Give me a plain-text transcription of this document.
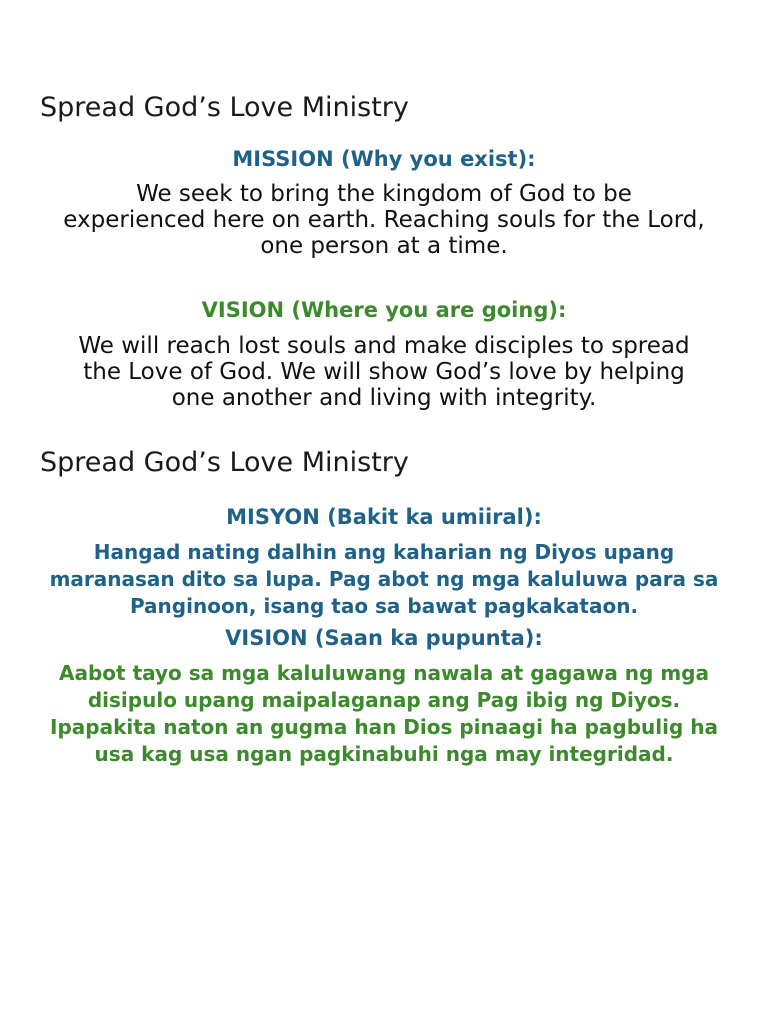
Spread God’s Love Ministry
MISSION (Why you exist):

We seek to bring the kingdom of God to be
experienced here on earth. Reaching souls for the Lord,
one person at a time.

VISION (Where you are going):

We will reach lost souls and make disciples to spread
the Love of God. We will show God’s love by helping
one another and living with integrity.

Spread God’s Love Ministry
MISYON (Bakit ka umiiral):

Hangad nating dalhin ang kaharian ng Diyos upang
maranasan dito sa lupa. Pag abot ng mga kaluluwa para sa
Panginoon, isang tao sa bawat pagkakataon.

VISION (Saan ka pupunta):

Aabot tayo sa mga kaluluwang nawala at gagawa ng mga
disipulo upang maipalaganap ang Pag ibig ng Diyos.
Ipapakita naton an gugma han Dios pinaagi ha pagbulig ha
usa kag usa ngan pagkinabuhi nga may integridad.
